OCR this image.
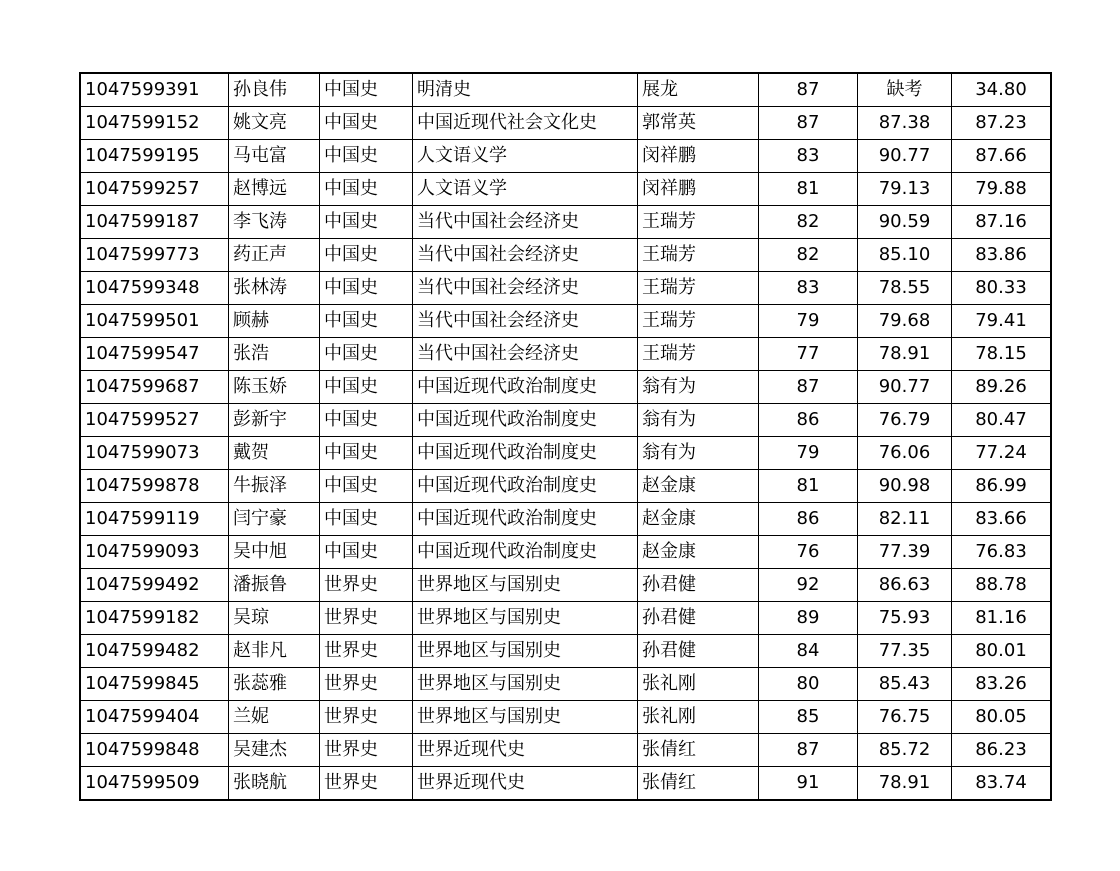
1047599391	孙良伟	中国史	明清史	展龙	87	缺考	34.80
1047599152	姚文亮	中国史	中国近现代社会文化史	郭常英	87	87.38	87.23
1047599195	马屯富	中国史	人文语义学	闵祥鹏	83	90.77	87.66
1047599257	赵博远	中国史	人文语义学	闵祥鹏	81	79.13	79.88
1047599187	李飞涛	中国史	当代中国社会经济史	王瑞芳	82	90.59	87.16
1047599773	药正声	中国史	当代中国社会经济史	王瑞芳	82	85.10	83.86
1047599348	张林涛	中国史	当代中国社会经济史	王瑞芳	83	78.55	80.33
1047599501	顾赫	中国史	当代中国社会经济史	王瑞芳	79	79.68	79.41
1047599547	张浩	中国史	当代中国社会经济史	王瑞芳	77	78.91	78.15
1047599687	陈玉娇	中国史	中国近现代政治制度史	翁有为	87	90.77	89.26
1047599527	彭新宇	中国史	中国近现代政治制度史	翁有为	86	76.79	80.47
1047599073	戴贺	中国史	中国近现代政治制度史	翁有为	79	76.06	77.24
1047599878	牛振泽	中国史	中国近现代政治制度史	赵金康	81	90.98	86.99
1047599119	闫宁豪	中国史	中国近现代政治制度史	赵金康	86	82.11	83.66
1047599093	吴中旭	中国史	中国近现代政治制度史	赵金康	76	77.39	76.83
1047599492	潘振鲁	世界史	世界地区与国别史	孙君健	92	86.63	88.78
1047599182	吴琼	世界史	世界地区与国别史	孙君健	89	75.93	81.16
1047599482	赵非凡	世界史	世界地区与国别史	孙君健	84	77.35	80.01
1047599845	张蕊雅	世界史	世界地区与国别史	张礼刚	80	85.43	83.26
1047599404	兰妮	世界史	世界地区与国别史	张礼刚	85	76.75	80.05
1047599848	吴建杰	世界史	世界近现代史	张倩红	87	85.72	86.23
1047599509	张晓航	世界史	世界近现代史	张倩红	91	78.91	83.74
